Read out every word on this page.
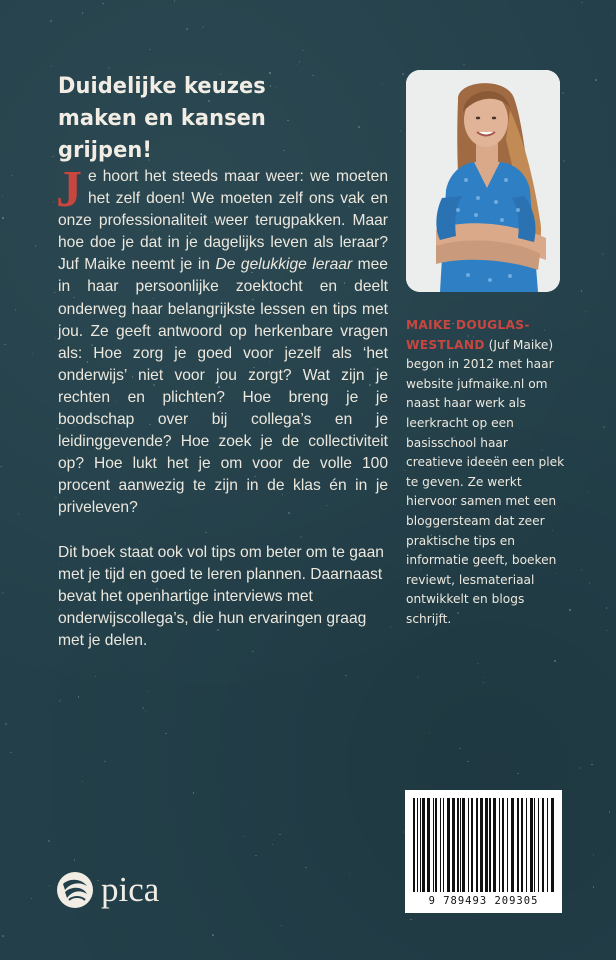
Duidelijke keuzes
maken en kansen grijpen!
Je hoort het steeds maar weer: we moeten het zelf doen! We moeten zelf ons vak en onze professionaliteit weer terugpakken. Maar hoe doe je dat in je dagelijks leven als leraar? Juf Maike neemt je in De gelukkige leraar mee in haar persoonlijke zoektocht en deelt onderweg haar belangrijkste lessen en tips met jou. Ze geeft antwoord op herkenbare vragen als: Hoe zorg je goed voor jezelf als ‘het onderwijs’ niet voor jou zorgt? Wat zijn je rechten en plichten? Hoe breng je je boodschap over bij collega’s en je leidinggevende? Hoe zoek je de collectiviteit op? Hoe lukt het je om voor de volle 100 procent aanwezig te zijn in de klas én in je priveleven?
Dit boek staat ook vol tips om beter om te gaan met je tijd en goed te leren plannen. Daarnaast bevat het openhartige interviews met onderwijscollega’s, die hun ervaringen graag met je delen.
MAIKE DOUGLAS-WESTLAND (Juf Maike) begon in 2012 met haar website jufmaike.nl om naast haar werk als leerkracht op een basisschool haar creatieve ideeën een plek te geven. Ze werkt hiervoor samen met een bloggersteam dat zeer praktische tips en informatie geeft, boeken reviewt, lesmateriaal ontwikkelt en blogs schrijft.
9 789493 209305
pica
